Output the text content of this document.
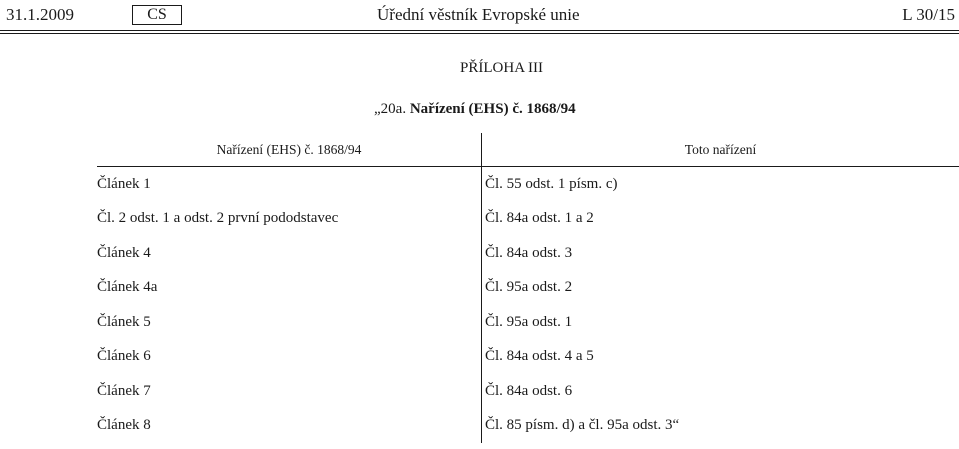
31.1.2009	CS	Úřední věstník Evropské unie	L 30/15
PŘÍLOHA III
„20a. Nařízení (EHS) č. 1868/94
Nařízení (EHS) č. 1868/94	Toto nařízení
Článek 1	Čl. 55 odst. 1 písm. c)
Čl. 2 odst. 1 a odst. 2 první pododstavec	Čl. 84a odst. 1 a 2
Článek 4	Čl. 84a odst. 3
Článek 4a	Čl. 95a odst. 2
Článek 5	Čl. 95a odst. 1
Článek 6	Čl. 84a odst. 4 a 5
Článek 7	Čl. 84a odst. 6
Článek 8	Čl. 85 písm. d) a čl. 95a odst. 3“
